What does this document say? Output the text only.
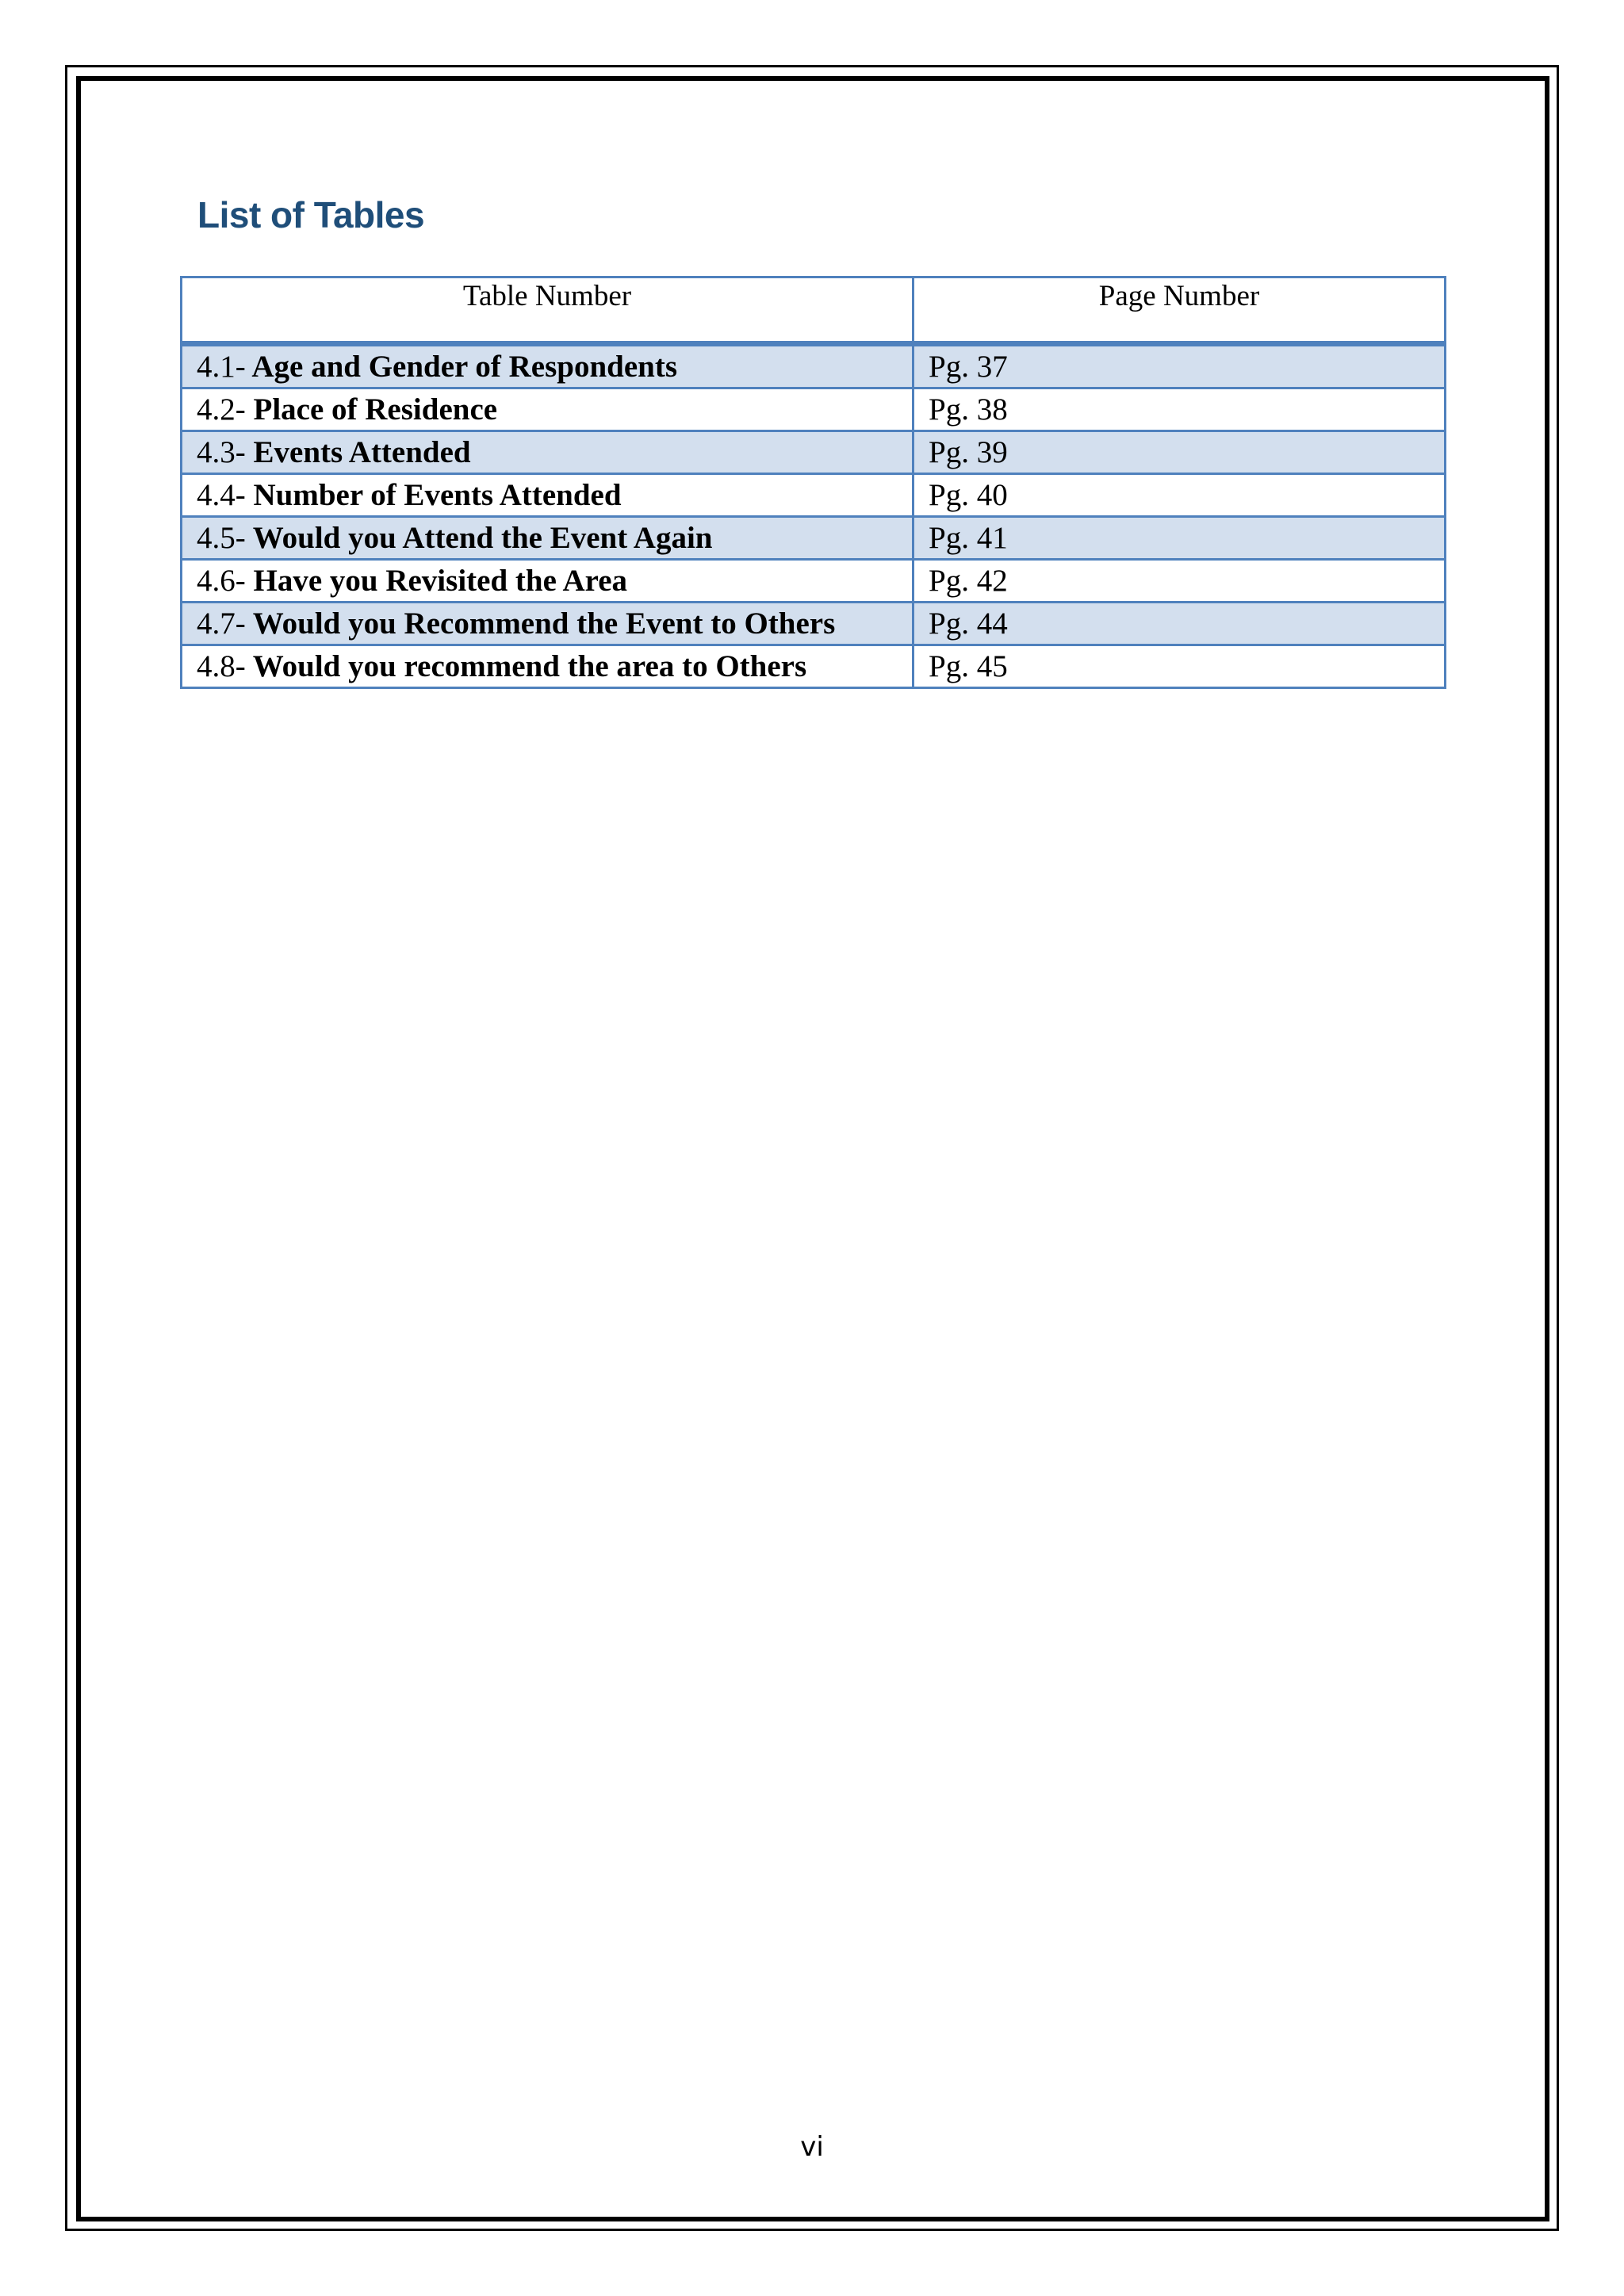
List of Tables
Table Number	Page Number
4.1- Age and Gender of Respondents	Pg. 37
4.2- Place of Residence	Pg. 38
4.3- Events Attended	Pg. 39
4.4- Number of Events Attended	Pg. 40
4.5- Would you Attend the Event Again	Pg. 41
4.6- Have you Revisited the Area	Pg. 42
4.7- Would you Recommend the Event to Others	Pg. 44
4.8- Would you recommend the area to Others	Pg. 45
vi
